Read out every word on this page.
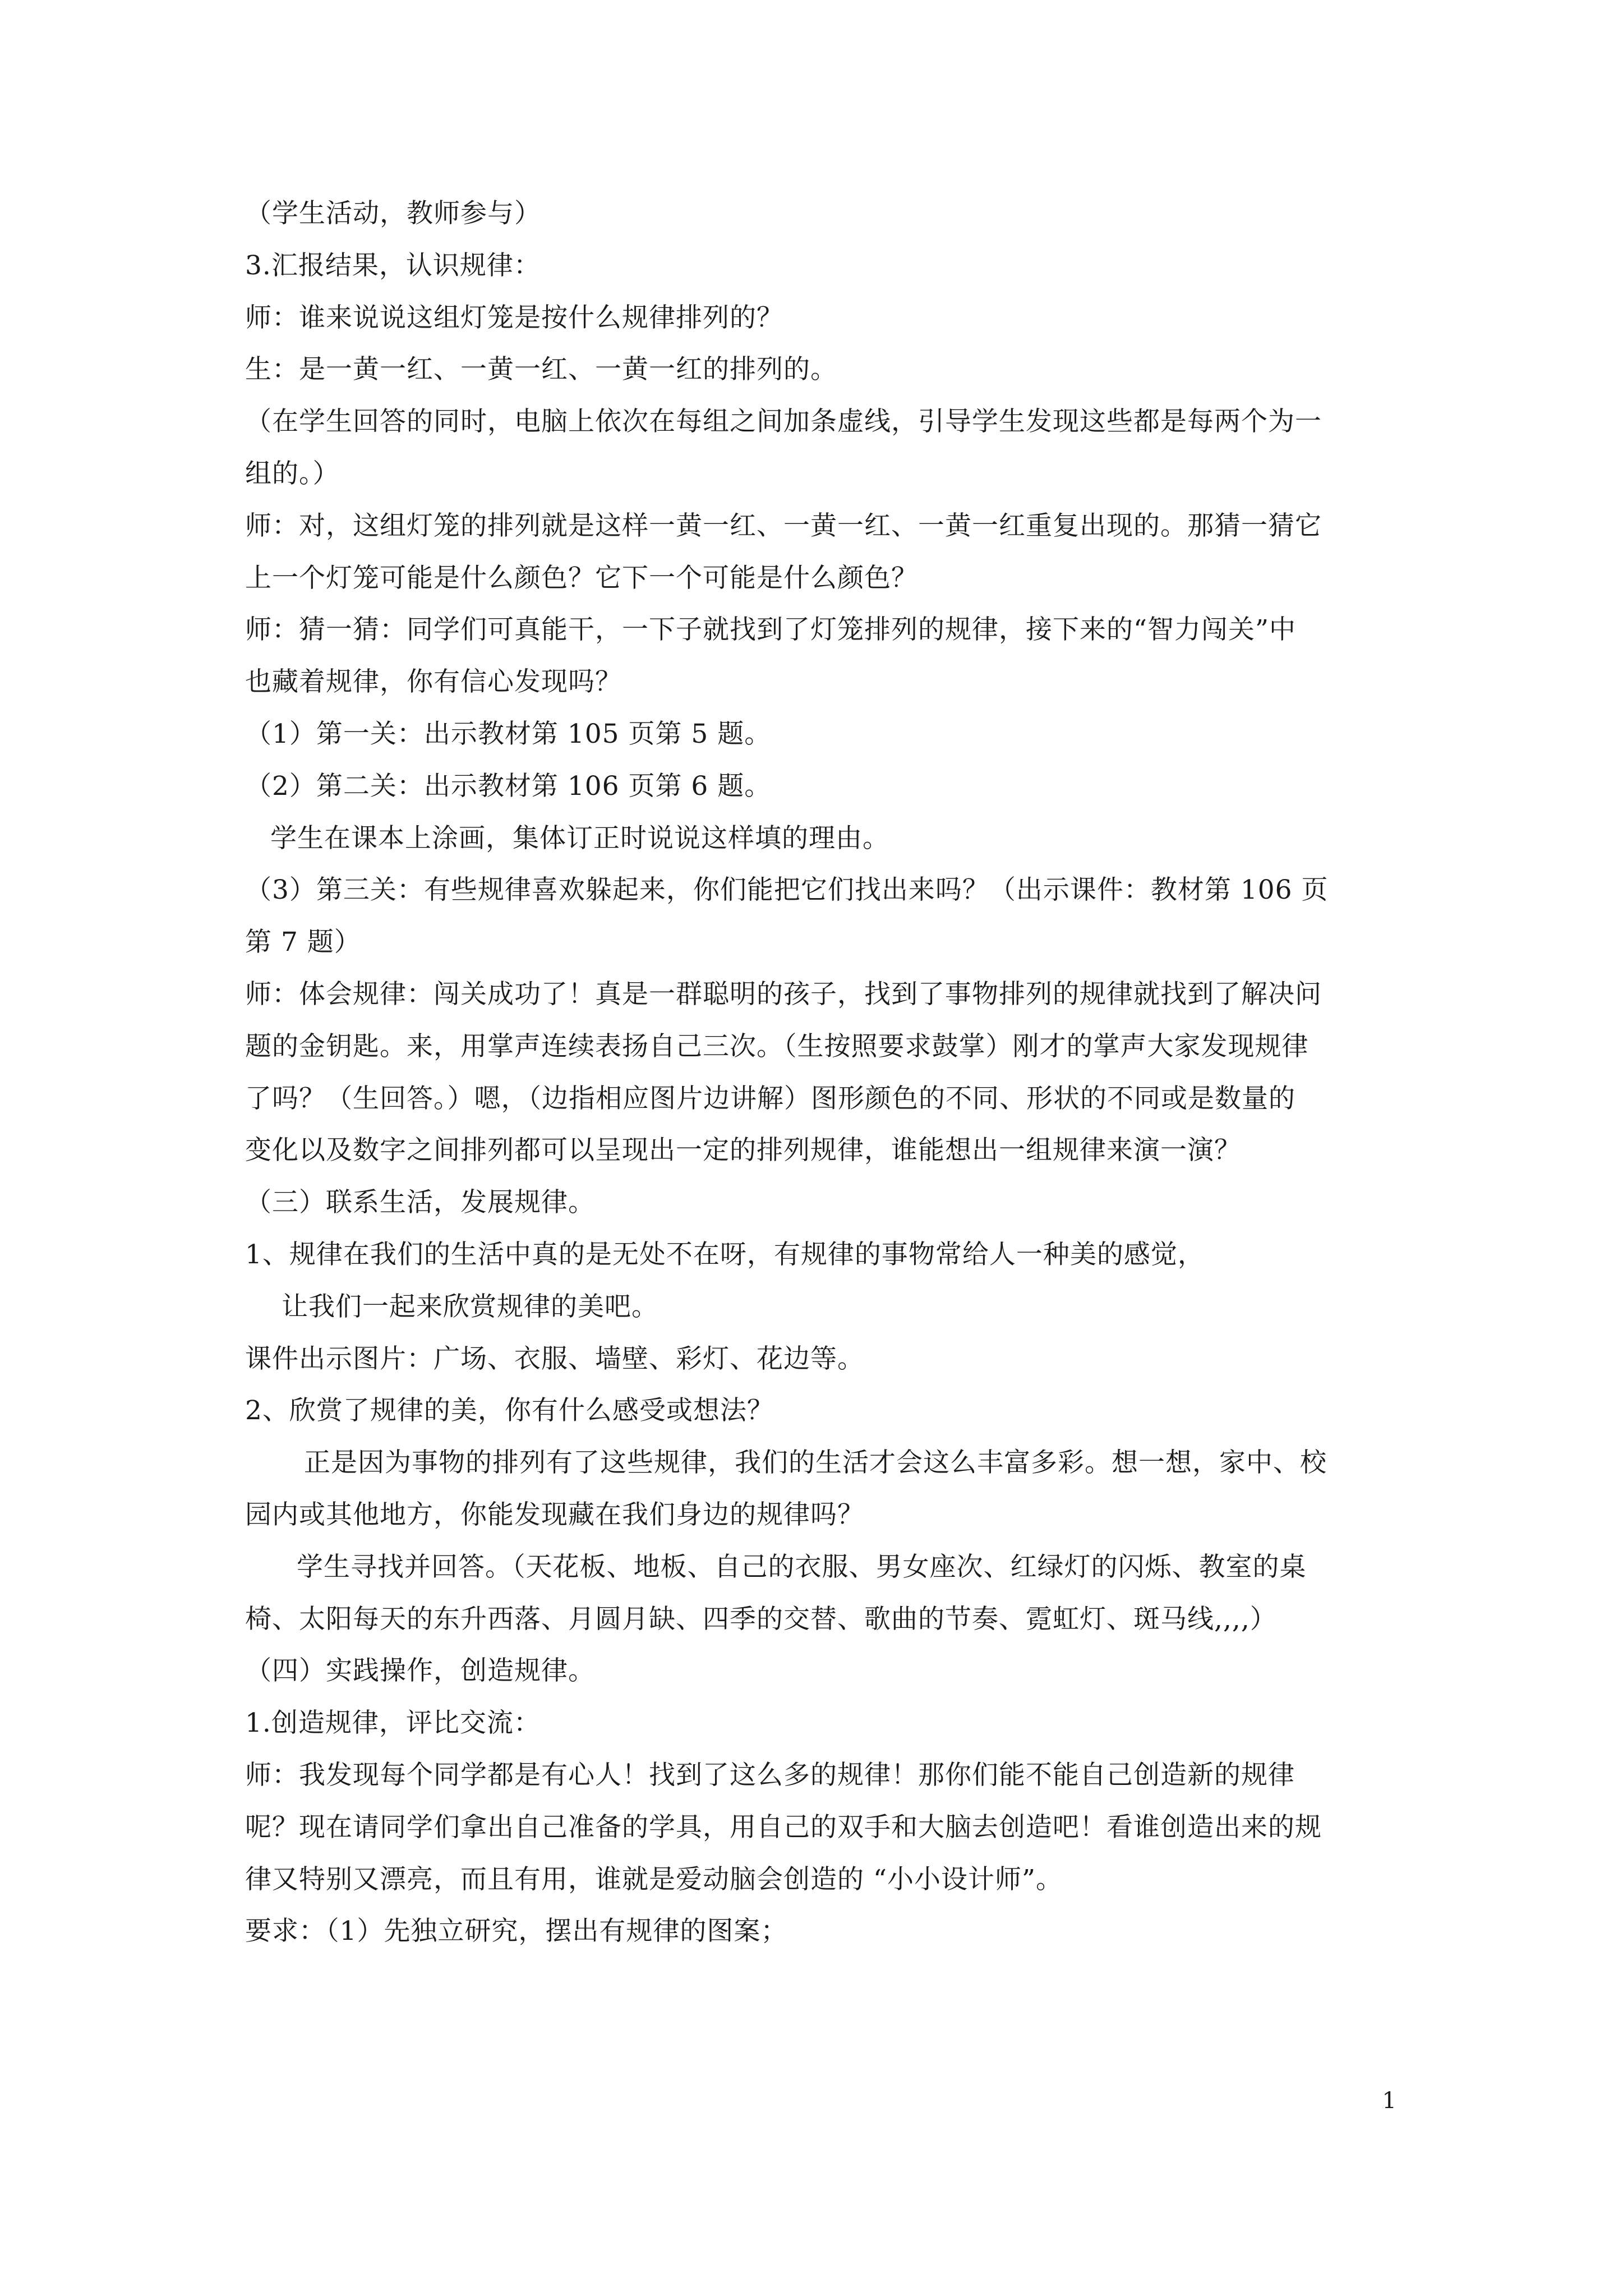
（学生活动，教师参与）
3.汇报结果，认识规律：
师：谁来说说这组灯笼是按什么规律排列的？
生：是一黄一红、一黄一红、一黄一红的排列的。
（在学生回答的同时，电脑上依次在每组之间加条虚线，引导学生发现这些都是每两个为一
组的。）
师：对，这组灯笼的排列就是这样一黄一红、一黄一红、一黄一红重复出现的。那猜一猜它
上一个灯笼可能是什么颜色？它下一个可能是什么颜色？
师：猜一猜：同学们可真能干，一下子就找到了灯笼排列的规律，接下来的“智力闯关”中
也藏着规律，你有信心发现吗？
（1）第一关：出示教材第 105 页第 5 题。
（2）第二关：出示教材第 106 页第 6 题。
学生在课本上涂画，集体订正时说说这样填的理由。
（3）第三关：有些规律喜欢躲起来，你们能把它们找出来吗？（出示课件：教材第 106 页
第 7 题）
师：体会规律：闯关成功了！真是一群聪明的孩子，找到了事物排列的规律就找到了解决问
题的金钥匙。来，用掌声连续表扬自己三次。（生按照要求鼓掌）刚才的掌声大家发现规律
了吗？（生回答。）嗯，（边指相应图片边讲解）图形颜色的不同、形状的不同或是数量的
变化以及数字之间排列都可以呈现出一定的排列规律，谁能想出一组规律来演一演？
（三）联系生活，发展规律。
1、规律在我们的生活中真的是无处不在呀，有规律的事物常给人一种美的感觉，
让我们一起来欣赏规律的美吧。
课件出示图片：广场、衣服、墙壁、彩灯、花边等。
2、欣赏了规律的美，你有什么感受或想法？
正是因为事物的排列有了这些规律，我们的生活才会这么丰富多彩。想一想，家中、校
园内或其他地方，你能发现藏在我们身边的规律吗？
学生寻找并回答。（天花板、地板、自己的衣服、男女座次、红绿灯的闪烁、教室的桌
椅、太阳每天的东升西落、月圆月缺、四季的交替、歌曲的节奏、霓虹灯、斑马线,,,,）
（四）实践操作，创造规律。
1.创造规律，评比交流：
师：我发现每个同学都是有心人！找到了这么多的规律！那你们能不能自己创造新的规律
呢？现在请同学们拿出自己准备的学具，用自己的双手和大脑去创造吧！看谁创造出来的规
律又特别又漂亮，而且有用，谁就是爱动脑会创造的 “小小设计师”。
要求：（1）先独立研究，摆出有规律的图案；
1
